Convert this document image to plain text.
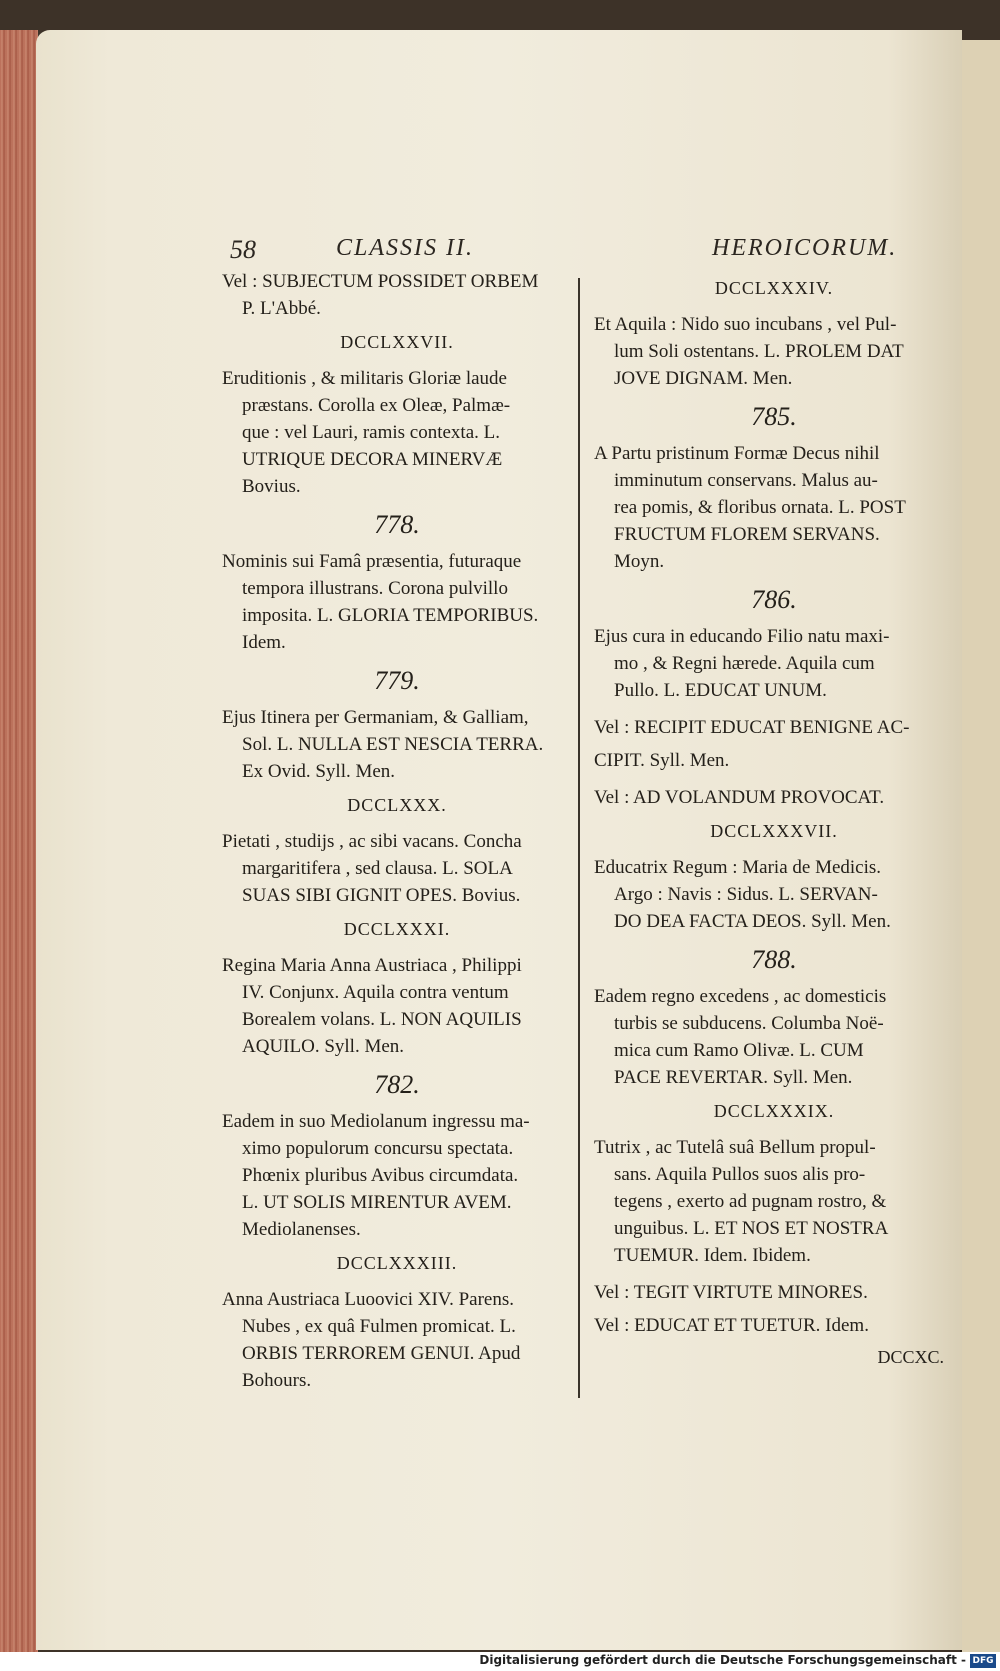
58	CLASSIS II.	HEROICORUM.
Vel : SUBJECTUM POSSIDET ORBEM
P. L'Abbé.
DCCLXXVII.
Eruditionis , & militaris Gloriæ laude
præstans. Corolla ex Oleæ, Palmæ-
que : vel Lauri, ramis contexta. L.
UTRIQUE DECORA MINERVÆ
Bovius.
778.
Nominis sui Famâ præsentia, futuraque
tempora illustrans. Corona pulvillo
imposita. L. GLORIA TEMPORIBUS.
Idem.
779.
Ejus Itinera per Germaniam, & Galliam,
Sol. L. NULLA EST NESCIA TERRA.
Ex Ovid. Syll. Men.
DCCLXXX.
Pietati , studijs , ac sibi vacans. Concha
margaritifera , sed clausa. L. SOLA
SUAS SIBI GIGNIT OPES. Bovius.
DCCLXXXI.
Regina Maria Anna Austriaca , Philippi
IV. Conjunx. Aquila contra ventum
Borealem volans. L. NON AQUILIS
AQUILO. Syll. Men.
782.
Eadem in suo Mediolanum ingressu ma-
ximo populorum concursu spectata.
Phœnix pluribus Avibus circumdata.
L. UT SOLIS MIRENTUR AVEM.
Mediolanenses.
DCCLXXXIII.
Anna Austriaca Luoovici XIV. Parens.
Nubes , ex quâ Fulmen promicat. L.
ORBIS TERROREM GENUI. Apud
Bohours.
DCCLXXXIV.
Et Aquila : Nido suo incubans , vel Pul-
lum Soli ostentans. L. PROLEM DAT
JOVE DIGNAM. Men.
785.
A Partu pristinum Formæ Decus nihil
imminutum conservans. Malus au-
rea pomis, & floribus ornata. L. POST
FRUCTUM FLOREM SERVANS.
Moyn.
786.
Ejus cura in educando Filio natu maxi-
mo , & Regni hærede. Aquila cum
Pullo. L. EDUCAT UNUM.
Vel : RECIPIT EDUCAT BENIGNE AC-
CIPIT. Syll. Men.
Vel : AD VOLANDUM PROVOCAT.
DCCLXXXVII.
Educatrix Regum : Maria de Medicis.
Argo : Navis : Sidus. L. SERVAN-
DO DEA FACTA DEOS. Syll. Men.
788.
Eadem regno excedens , ac domesticis
turbis se subducens. Columba Noë-
mica cum Ramo Olivæ. L. CUM
PACE REVERTAR. Syll. Men.
DCCLXXXIX.
Tutrix , ac Tutelâ suâ Bellum propul-
sans. Aquila Pullos suos alis pro-
tegens , exerto ad pugnam rostro, &
unguibus. L. ET NOS ET NOSTRA
TUEMUR. Idem. Ibidem.
Vel : TEGIT VIRTUTE MINORES.
Vel : EDUCAT ET TUETUR. Idem.
DCCXC.
Digitalisierung gefördert durch die Deutsche Forschungsgemeinschaft - DFG
